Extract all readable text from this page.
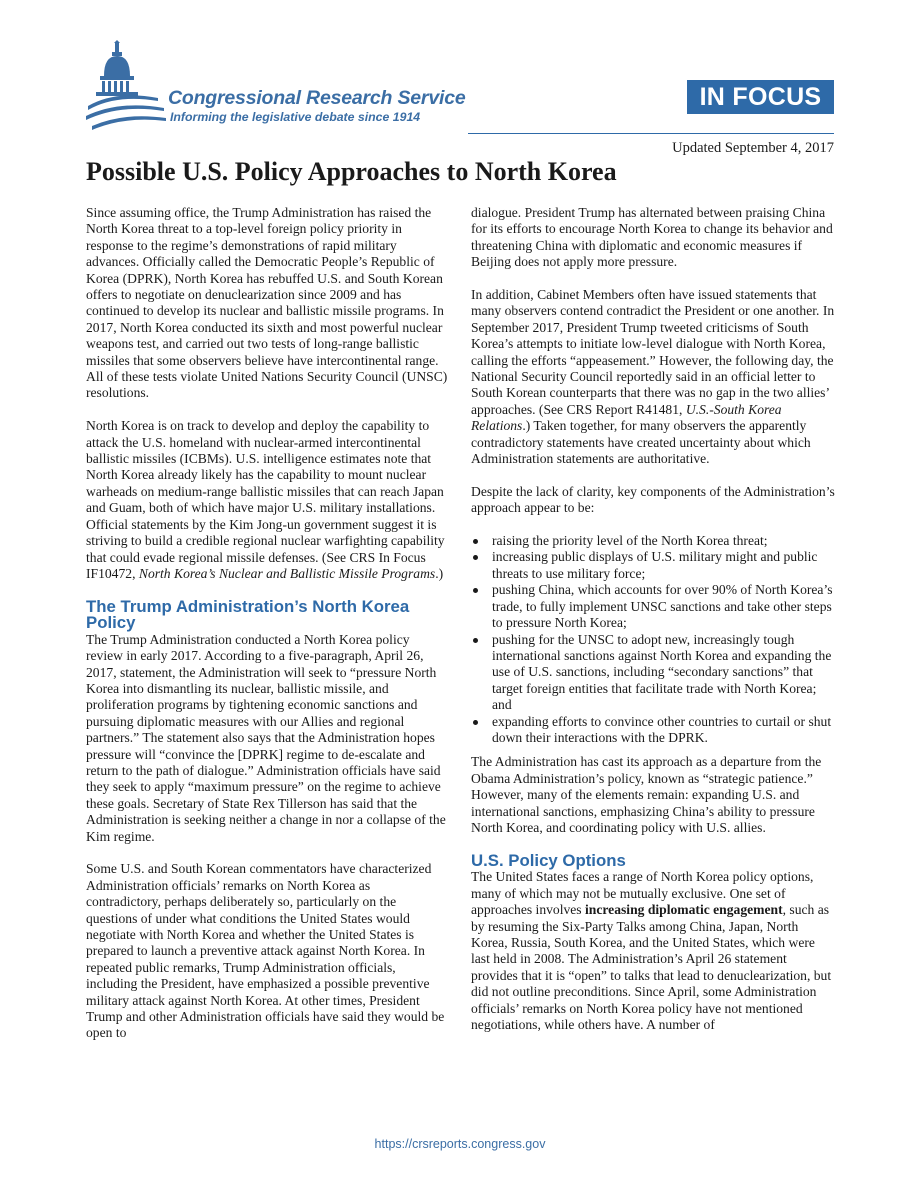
Congressional Research Service
Informing the legislative debate since 1914
IN FOCUS
Updated September 4, 2017
Possible U.S. Policy Approaches to North Korea

Since assuming office, the Trump Administration has raised the North Korea threat to a top-level foreign policy priority in response to the regime’s demonstrations of rapid military advances. Officially called the Democratic People’s Republic of Korea (DPRK), North Korea has rebuffed U.S. and South Korean offers to negotiate on denuclearization since 2009 and has continued to develop its nuclear and ballistic missile programs. In 2017, North Korea conducted its sixth and most powerful nuclear weapons test, and carried out two tests of long-range ballistic missiles that some observers believe have intercontinental range. All of these tests violate United Nations Security Council (UNSC) resolutions.

North Korea is on track to develop and deploy the capability to attack the U.S. homeland with nuclear-armed intercontinental ballistic missiles (ICBMs). U.S. intelligence estimates note that North Korea already likely has the capability to mount nuclear warheads on medium-range ballistic missiles that can reach Japan and Guam, both of which have major U.S. military installations. Official statements by the Kim Jong-un government suggest it is striving to build a credible regional nuclear warfighting capability that could evade regional missile defenses. (See CRS In Focus IF10472, North Korea’s Nuclear and Ballistic Missile Programs.)

The Trump Administration’s North Korea Policy

The Trump Administration conducted a North Korea policy review in early 2017. According to a five-paragraph, April 26, 2017, statement, the Administration will seek to “pressure North Korea into dismantling its nuclear, ballistic missile, and proliferation programs by tightening economic sanctions and pursuing diplomatic measures with our Allies and regional partners.” The statement also says that the Administration hopes pressure will “convince the [DPRK] regime to de-escalate and return to the path of dialogue.” Administration officials have said they seek to apply “maximum pressure” on the regime to achieve these goals. Secretary of State Rex Tillerson has said that the Administration is seeking neither a change in nor a collapse of the Kim regime.

Some U.S. and South Korean commentators have characterized Administration officials’ remarks on North Korea as contradictory, perhaps deliberately so, particularly on the questions of under what conditions the United States would negotiate with North Korea and whether the United States is prepared to launch a preventive attack against North Korea. In repeated public remarks, Trump Administration officials, including the President, have emphasized a possible preventive military attack against North Korea. At other times, President Trump and other Administration officials have said they would be open to

dialogue. President Trump has alternated between praising China for its efforts to encourage North Korea to change its behavior and threatening China with diplomatic and economic measures if Beijing does not apply more pressure.

In addition, Cabinet Members often have issued statements that many observers contend contradict the President or one another. In September 2017, President Trump tweeted criticisms of South Korea’s attempts to initiate low-level dialogue with North Korea, calling the efforts “appeasement.” However, the following day, the National Security Council reportedly said in an official letter to South Korean counterparts that there was no gap in the two allies’ approaches. (See CRS Report R41481, U.S.-South Korea Relations.) Taken together, for many observers the apparently contradictory statements have created uncertainty about which Administration statements are authoritative.

Despite the lack of clarity, key components of the Administration’s approach appear to be:

raising the priority level of the North Korea threat;
increasing public displays of U.S. military might and public threats to use military force;
pushing China, which accounts for over 90% of North Korea’s trade, to fully implement UNSC sanctions and take other steps to pressure North Korea;
pushing for the UNSC to adopt new, increasingly tough international sanctions against North Korea and expanding the use of U.S. sanctions, including “secondary sanctions” that target foreign entities that facilitate trade with North Korea; and
expanding efforts to convince other countries to curtail or shut down their interactions with the DPRK.

The Administration has cast its approach as a departure from the Obama Administration’s policy, known as “strategic patience.” However, many of the elements remain: expanding U.S. and international sanctions, emphasizing China’s ability to pressure North Korea, and coordinating policy with U.S. allies.

U.S. Policy Options

The United States faces a range of North Korea policy options, many of which may not be mutually exclusive. One set of approaches involves increasing diplomatic engagement, such as by resuming the Six-Party Talks among China, Japan, North Korea, Russia, South Korea, and the United States, which were last held in 2008. The Administration’s April 26 statement provides that it is “open” to talks that lead to denuclearization, but did not outline preconditions. Since April, some Administration officials’ remarks on North Korea policy have not mentioned negotiations, while others have. A number of

https://crsreports.congress.gov
